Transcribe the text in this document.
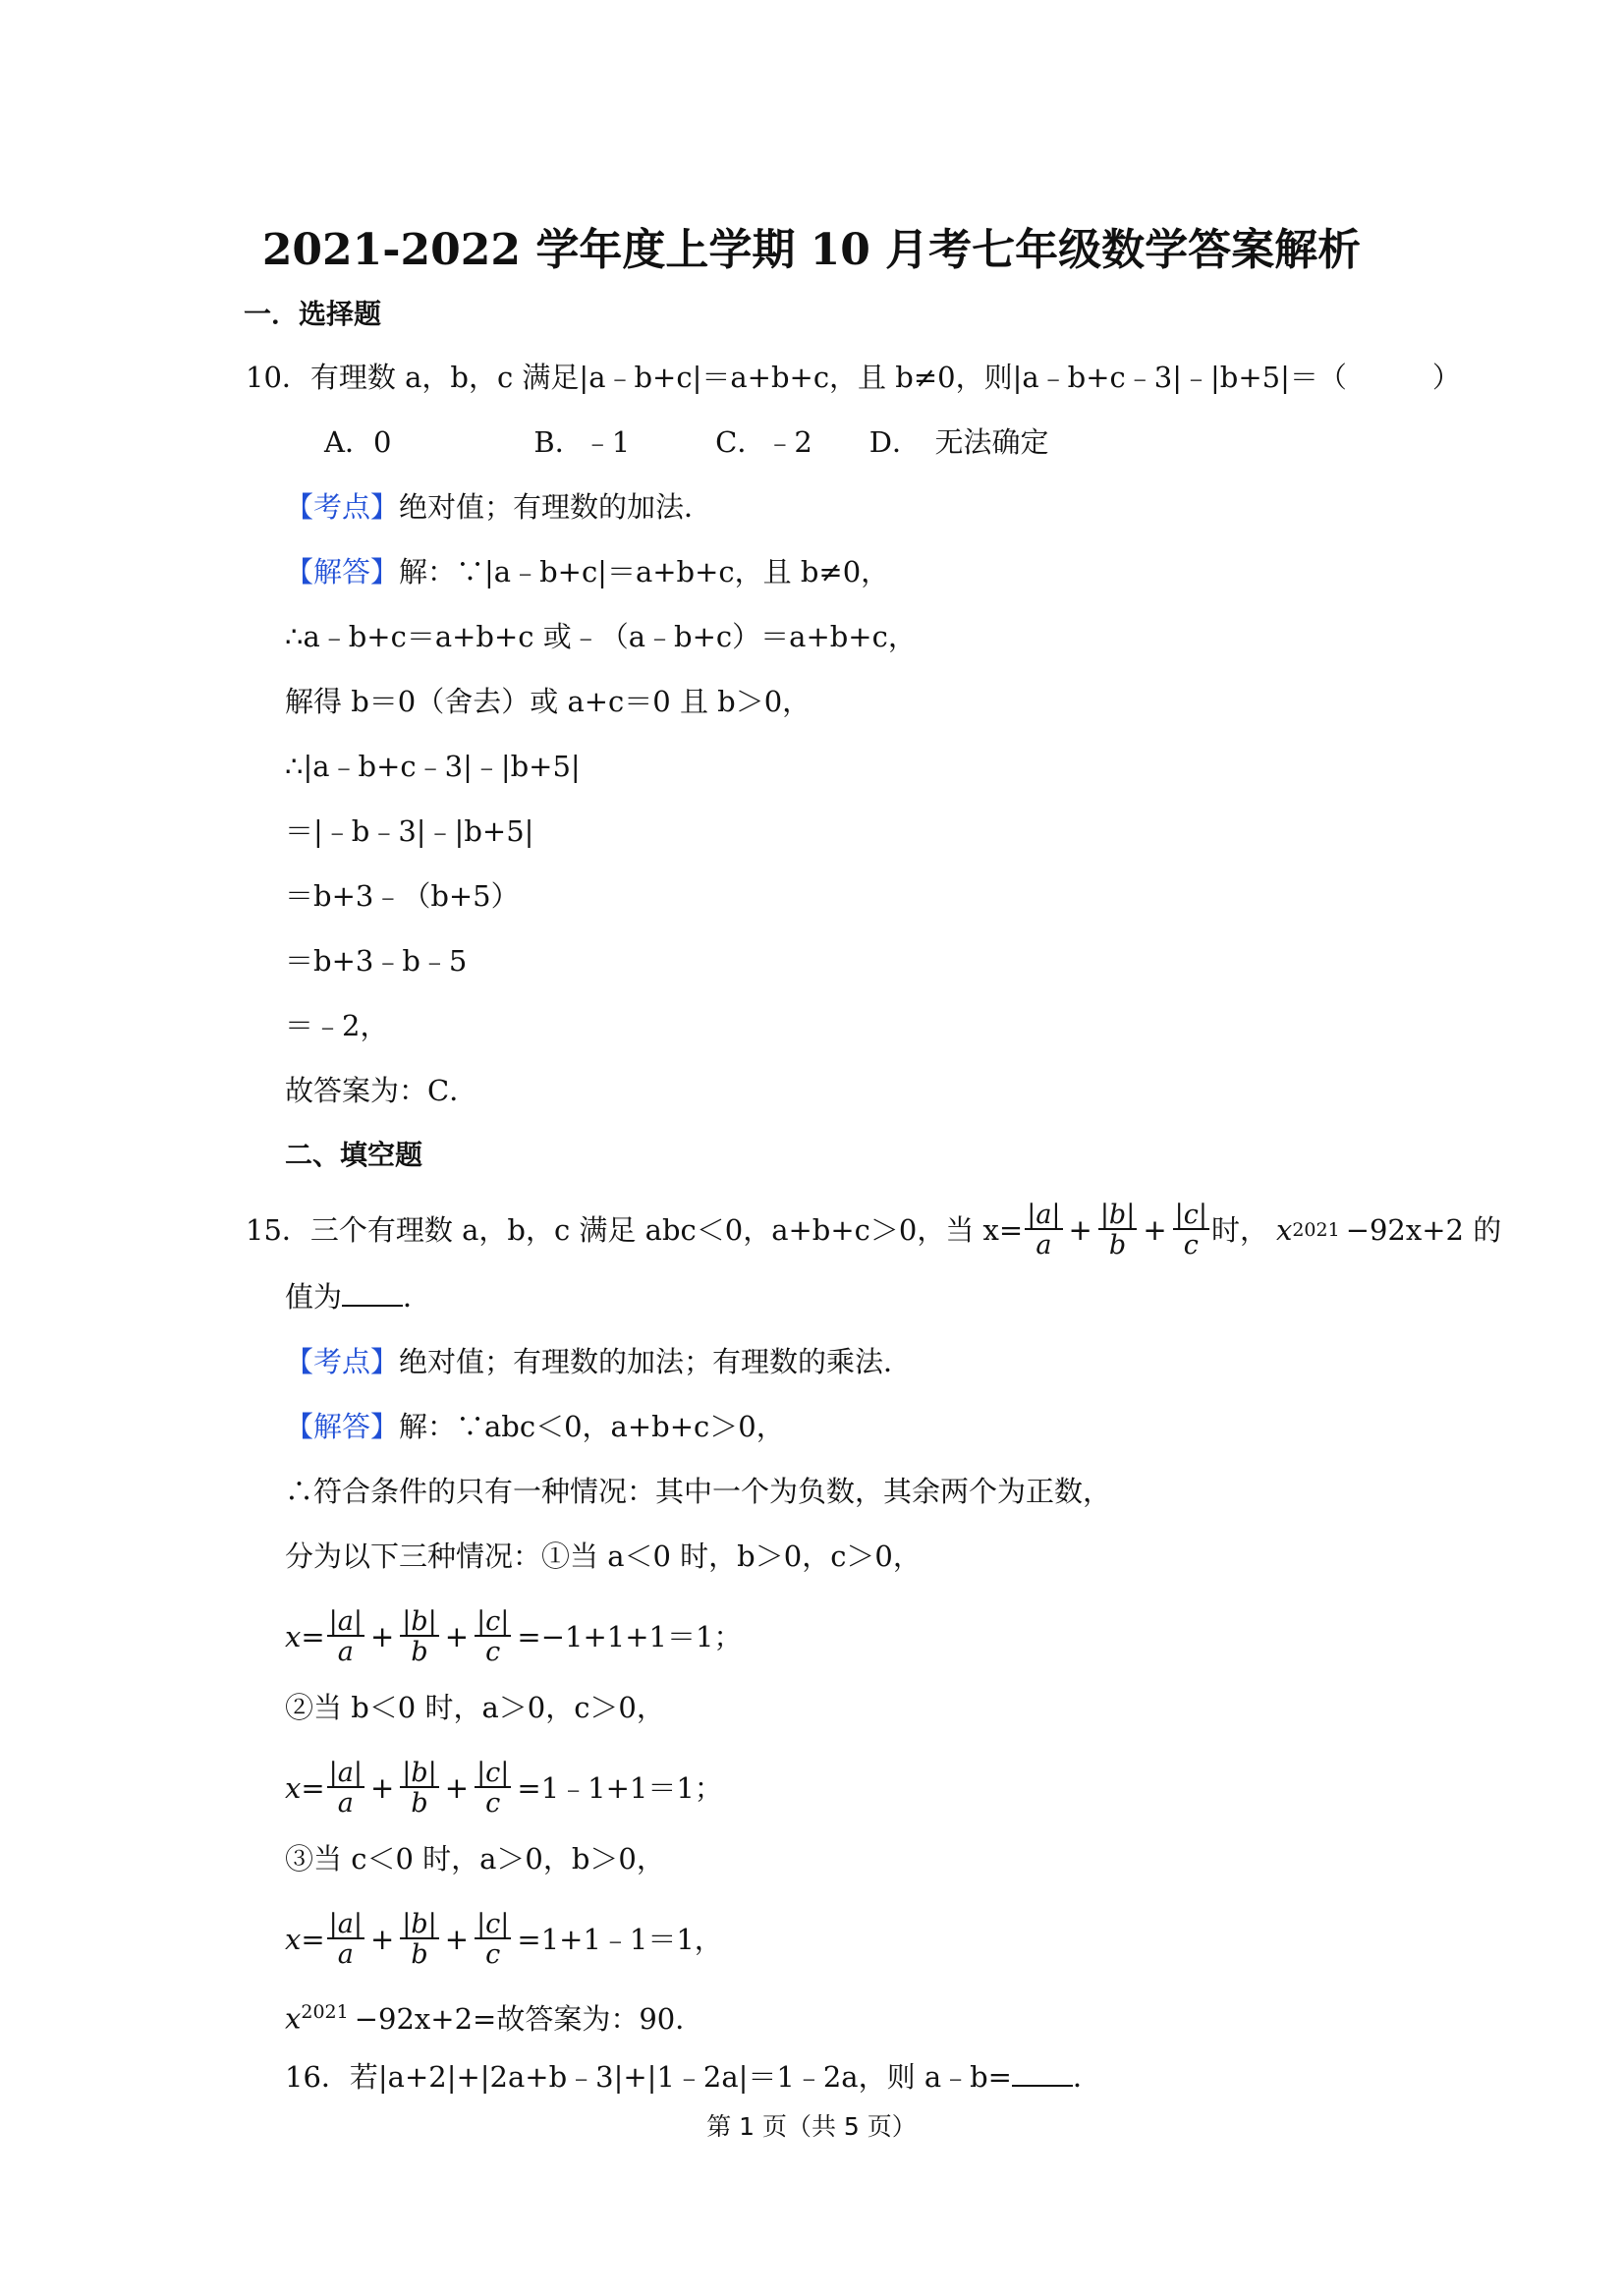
2021-2022 学年度上学期 10 月考七年级数学答案解析
一．选择题
10．有理数 a，b，c 满足|a﹣b+c|＝a+b+c，且 b≠0，则|a﹣b+c﹣3|﹣|b+5|＝（　　　）
A．0　　　　　B．﹣1　　　C．﹣2　　D．　无法确定
【考点】绝对值；有理数的加法．
【解答】解：∵|a﹣b+c|＝a+b+c，且 b≠0，
∴a﹣b+c＝a+b+c 或﹣（a﹣b+c）＝a+b+c，
解得 b＝0（舍去）或 a+c＝0 且 b＞0，
∴|a﹣b+c﹣3|﹣|b+5|
＝|﹣b﹣3|﹣|b+5|
＝b+3﹣（b+5）
＝b+3﹣b﹣5
＝﹣2，
故答案为：C．
二、填空题
15．三个有理数 a，b，c 满足 abc＜0，a+b+c＞0，当 $x= \frac{|a|}{a} + \frac{|b|}{b} + \frac{|c|}{c}$ 时， x 2021 −92x+2 的
值为 ．
【考点】绝对值；有理数的加法；有理数的乘法．
【解答】解：∵abc＜0，a+b+c＞0，
∴符合条件的只有一种情况：其中一个为负数，其余两个为正数，
分为以下三种情况：①当 a＜0 时，b＞0，c＞0，
$x= \frac{|a|}{a} + \frac{|b|}{b} + \frac{|c|}{c} =-1+1+1=1$；
②当 b＜0 时，a＞0，c＞0，
$x= \frac{|a|}{a} + \frac{|b|}{b} + \frac{|c|}{c}$ =1﹣1+1＝1；
③当 c＜0 时，a＞0，b＞0，
$x= \frac{|a|}{a} + \frac{|b|}{b} + \frac{|c|}{c}$ =1+1﹣1＝1，
$x^{2021} -92x+2=$故答案为：90．
16．若|a+2|+|2a+b﹣3|+|1﹣2a|＝1﹣2a，则 a﹣b= ．
第 1 页（共 5 页）
